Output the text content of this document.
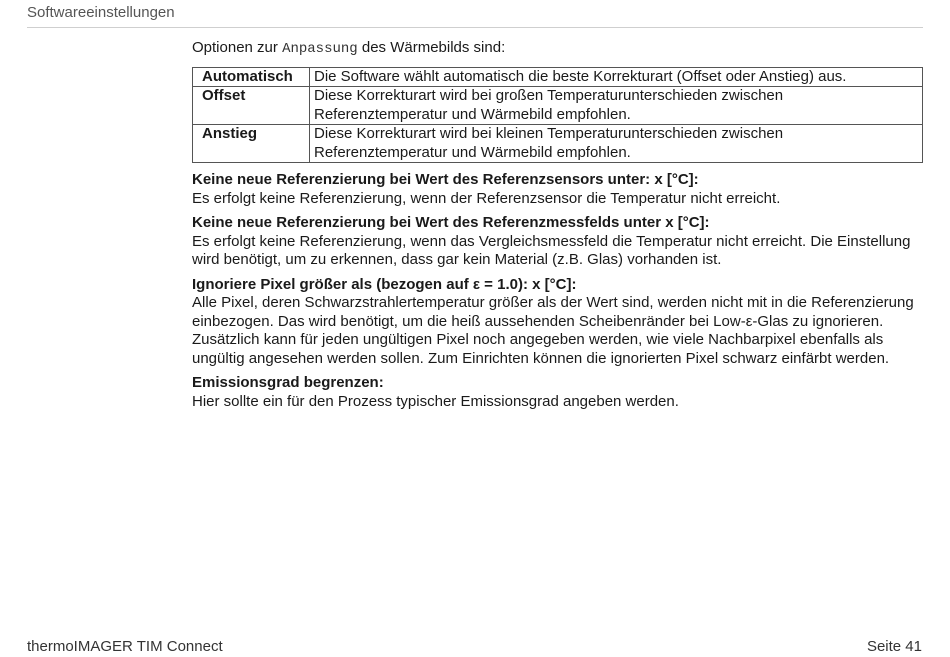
Softwareeinstellungen

Optionen zur Anpassung des Wärmebilds sind:

Automatisch	Die Software wählt automatisch die beste Korrekturart (Offset oder Anstieg) aus.
Offset	Diese Korrekturart wird bei großen Temperaturunterschieden zwischen Referenztemperatur und Wärmebild empfohlen.
Anstieg	Diese Korrekturart wird bei kleinen Temperaturunterschieden zwischen Referenztemperatur und Wärmebild empfohlen.
Keine neue Referenzierung bei Wert des Referenzsensors unter: x [°C]:
Es erfolgt keine Referenzierung, wenn der Referenzsensor die Temperatur nicht erreicht.
Keine neue Referenzierung bei Wert des Referenzmessfelds unter x [°C]:
Es erfolgt keine Referenzierung, wenn das Vergleichsmessfeld die Temperatur nicht erreicht. Die Einstellung wird benötigt, um zu erkennen, dass gar kein Material (z.B. Glas) vorhanden ist.
Ignoriere Pixel größer als (bezogen auf ε = 1.0): x [°C]:
Alle Pixel, deren Schwarzstrahlertemperatur größer als der Wert sind, werden nicht mit in die Referenzierung einbezogen. Das wird benötigt, um die heiß aussehenden Scheibenränder bei Low-ε-Glas zu ignorieren. Zusätzlich kann für jeden ungültigen Pixel noch angegeben werden, wie viele Nachbarpixel ebenfalls als ungültig angesehen werden sollen. Zum Einrichten können die ignorierten Pixel schwarz einfärbt werden.
Emissionsgrad begrenzen:
Hier sollte ein für den Prozess typischer Emissionsgrad angeben werden.
thermoIMAGER TIM Connect	Seite 41
